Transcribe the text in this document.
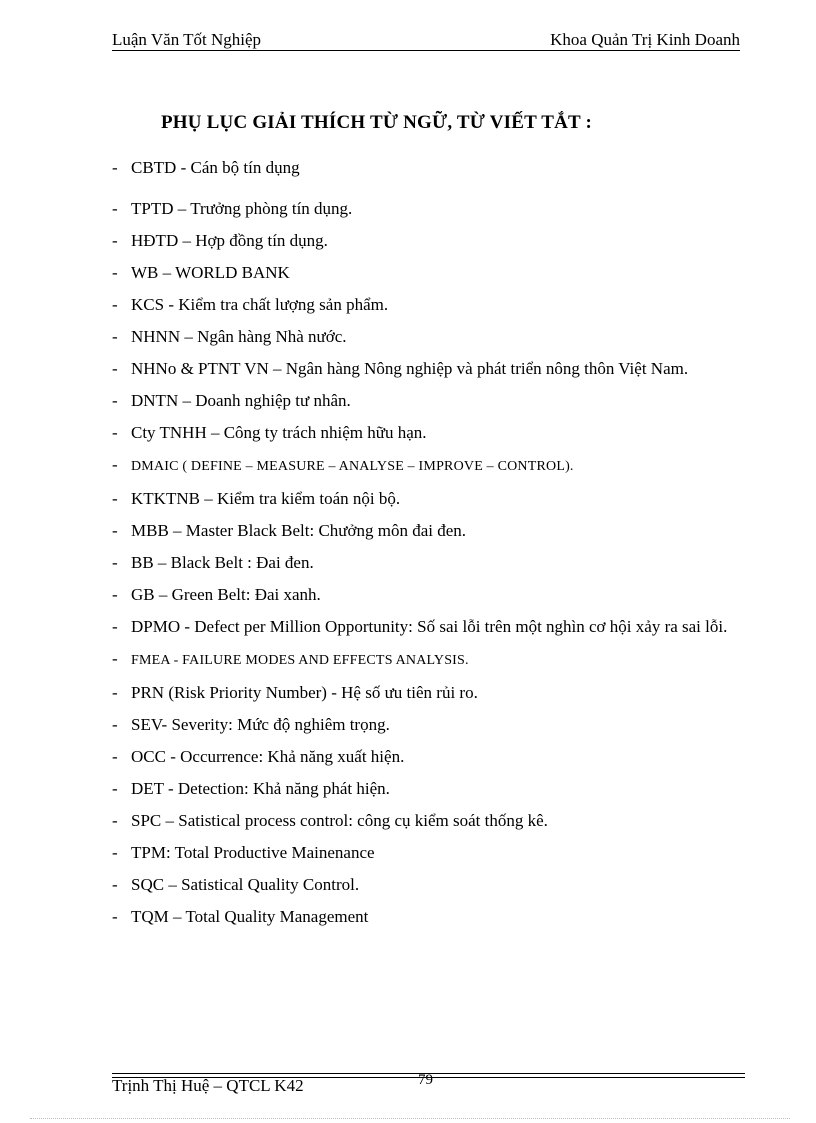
Luận Văn Tốt Nghiệp	Khoa Quản Trị Kinh Doanh
PHỤ LỤC GIẢI THÍCH TỪ NGỮ, TỪ VIẾT TẮT :
- CBTD - Cán bộ tín dụng
- TPTD – Trưởng phòng tín dụng.
- HĐTD – Hợp đồng tín dụng.
- WB – WORLD BANK
- KCS - Kiểm tra chất lượng sản phẩm.
- NHNN – Ngân hàng Nhà nước.
- NHNo & PTNT VN – Ngân hàng Nông nghiệp và phát triển nông thôn Việt Nam.
- DNTN – Doanh nghiệp tư nhân.
- Cty TNHH – Công ty trách nhiệm hữu hạn.
- DMAIC ( DEFINE – MEASURE – ANALYSE – IMPROVE – CONTROL).
- KTKTNB – Kiểm tra kiểm toán nội bộ.
- MBB – Master Black Belt: Chưởng môn đai đen.
- BB – Black Belt : Đai đen.
- GB – Green Belt: Đai xanh.
- DPMO - Defect per Million Opportunity: Số sai lỗi trên một nghìn cơ hội xảy ra sai lỗi.
- FMEA - FAILURE MODES AND EFFECTS ANALYSIS.
- PRN (Risk Priority Number) - Hệ số ưu tiên rủi ro.
- SEV- Severity: Mức độ nghiêm trọng.
- OCC - Occurrence: Khả năng xuất hiện.
- DET - Detection: Khả năng phát hiện.
- SPC – Satistical process control: công cụ kiểm soát thống kê.
- TPM: Total Productive Mainenance
- SQC – Satistical Quality Control.
- TQM – Total Quality Management
Trịnh Thị Huệ – QTCL K42	79
